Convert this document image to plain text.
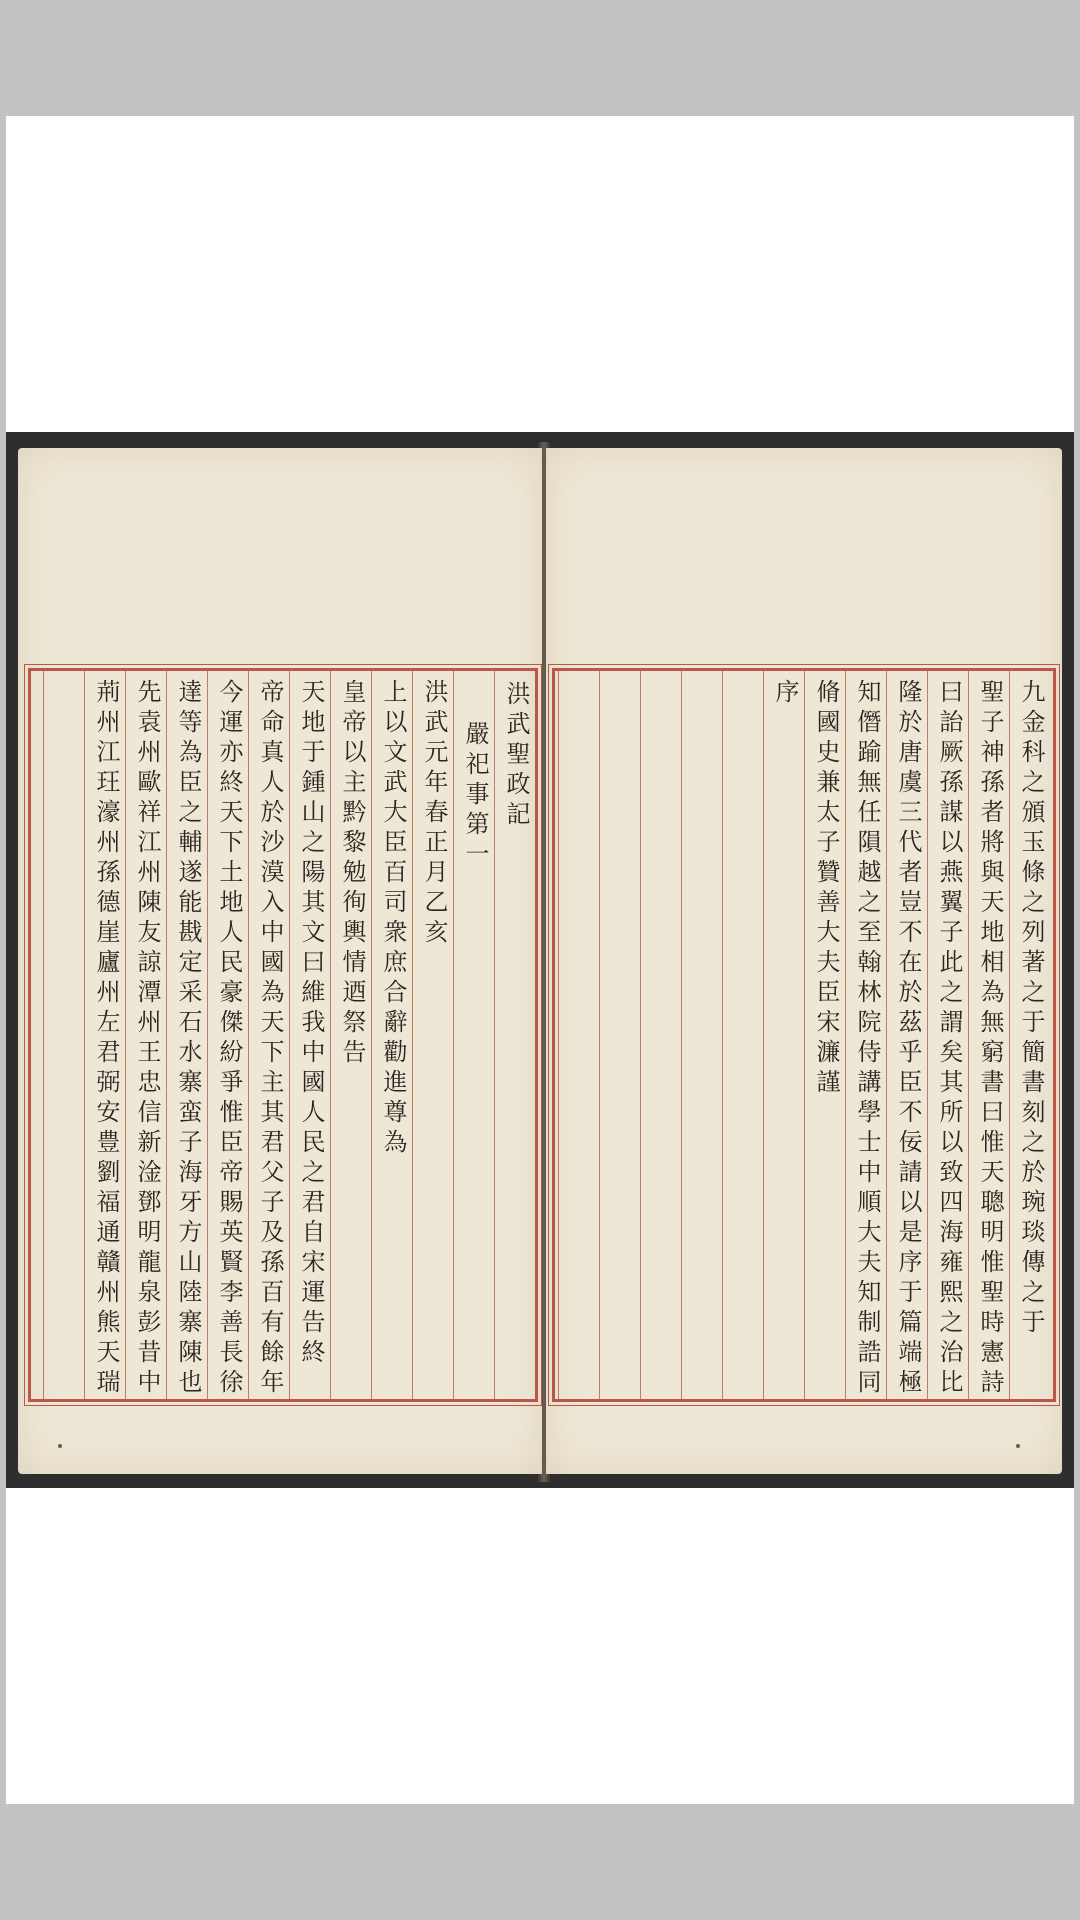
洪武聖政記
嚴祀事第一
洪武元年春正月乙亥
上以文武大臣百司衆庶合辭勸進尊為
皇帝以主黔黎勉徇輿情迺祭告
天地于鍾山之陽其文曰維我中國人民之君自宋運告終
帝命真人於沙漠入中國為天下主其君父子及孫百有餘年
今運亦終天下土地人民豪傑紛爭惟臣帝賜英賢李善長徐
達等為臣之輔遂能戡定采石水寨蛮子海牙方山陸寨陳也
先袁州歐祥江州陳友諒潭州王忠信新淦鄧明龍泉彭昔中
荊州江玨濠州孫德崖廬州左君弼安豊劉福通贛州熊天瑞	九金科之頒玉條之列著之于簡書刻之於琬琰傳之于
聖子神孫者將與天地相為無窮書曰惟天聰明惟聖時憲詩
曰詒厥孫謀以燕翼子此之謂矣其所以致四海雍熙之治比
隆於唐虞三代者豈不在於茲乎臣不佞請以是序于篇端極
知僭踰無任隕越之至翰林院侍講學士中順大夫知制誥同
脩國史兼太子贊善大夫臣宋濂謹
序
